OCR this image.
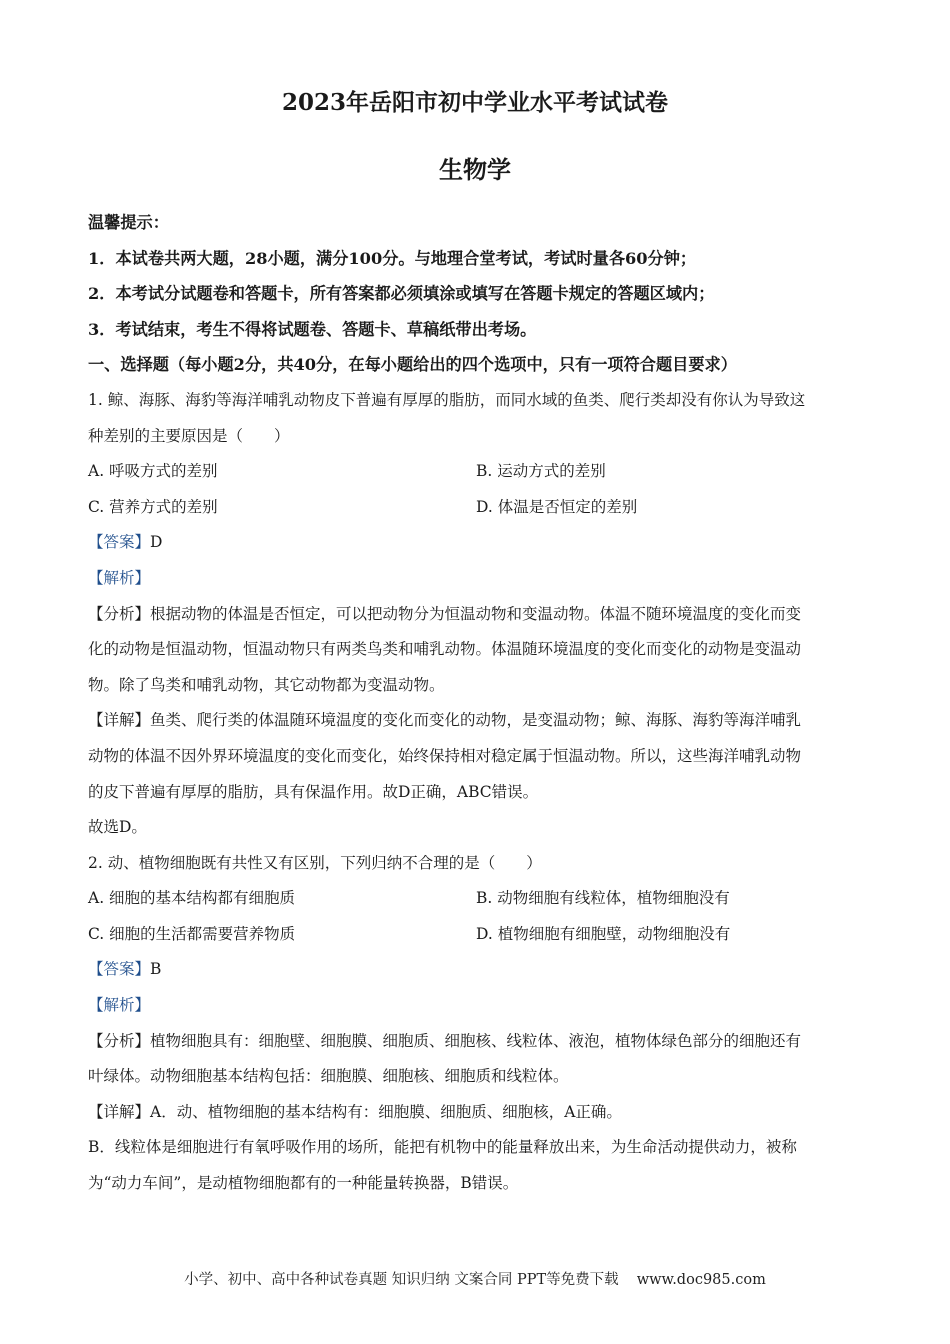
2023年岳阳市初中学业水平考试试卷
生物学
温馨提示：
1．本试卷共两大题，28小题，满分100分。与地理合堂考试，考试时量各60分钟；
2．本考试分试题卷和答题卡，所有答案都必须填涂或填写在答题卡规定的答题区域内；
3．考试结束，考生不得将试题卷、答题卡、草稿纸带出考场。
一、选择题（每小题2分，共40分，在每小题给出的四个选项中，只有一项符合题目要求）
1. 鲸、海豚、海豹等海洋哺乳动物皮下普遍有厚厚的脂肪，而同水域的鱼类、爬行类却没有你认为导致这
种差别的主要原因是（　　）
A. 呼吸方式的差别	B. 运动方式的差别
C. 营养方式的差别	D. 体温是否恒定的差别
【答案】D
【解析】
【分析】根据动物的体温是否恒定，可以把动物分为恒温动物和变温动物。体温不随环境温度的变化而变
化的动物是恒温动物，恒温动物只有两类鸟类和哺乳动物。体温随环境温度的变化而变化的动物是变温动
物。除了鸟类和哺乳动物，其它动物都为变温动物。
【详解】鱼类、爬行类的体温随环境温度的变化而变化的动物，是变温动物；鲸、海豚、海豹等海洋哺乳
动物的体温不因外界环境温度的变化而变化，始终保持相对稳定属于恒温动物。所以，这些海洋哺乳动物
的皮下普遍有厚厚的脂肪，具有保温作用。故D正确，ABC错误。
故选D。
2. 动、植物细胞既有共性又有区别，下列归纳不合理的是（　　）
A. 细胞的基本结构都有细胞质	B. 动物细胞有线粒体，植物细胞没有
C. 细胞的生活都需要营养物质	D. 植物细胞有细胞壁，动物细胞没有
【答案】B
【解析】
【分析】植物细胞具有：细胞壁、细胞膜、细胞质、细胞核、线粒体、液泡，植物体绿色部分的细胞还有
叶绿体。动物细胞基本结构包括：细胞膜、细胞核、细胞质和线粒体。
【详解】A．动、植物细胞的基本结构有：细胞膜、细胞质、细胞核，A正确。
B．线粒体是细胞进行有氧呼吸作用的场所，能把有机物中的能量释放出来，为生命活动提供动力，被称
为“动力车间”，是动植物细胞都有的一种能量转换器，B错误。
小学、初中、高中各种试卷真题 知识归纳 文案合同 PPT等免费下载 www.doc985.com
